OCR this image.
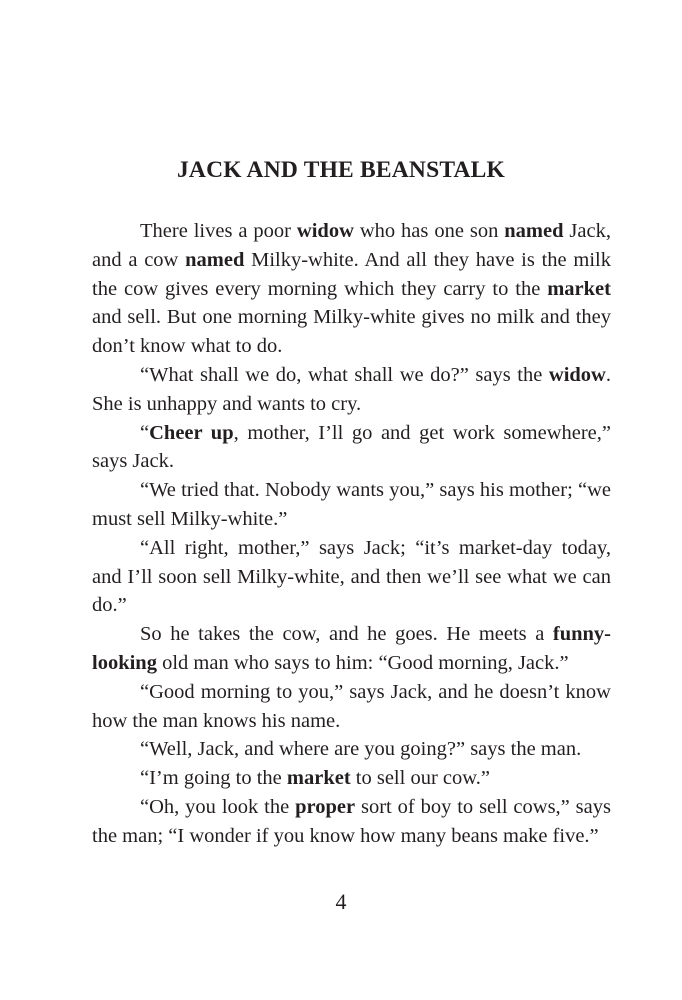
JACK AND THE BEANSTALK

There lives a poor widow who has one son named Jack, and a cow named Milky-white. And all they have is the milk the cow gives every morning which they carry to the market and sell. But one morning Milky-white gives no milk and they don’t know what to do.

“What shall we do, what shall we do?” says the widow. She is unhappy and wants to cry.

“Cheer up, mother, I’ll go and get work somewhere,” says Jack.

“We tried that. Nobody wants you,” says his mother; “we must sell Milky-white.”

“All right, mother,” says Jack; “it’s market-day today, and I’ll soon sell Milky-white, and then we’ll see what we can do.”

So he takes the cow, and he goes. He meets a funny-looking old man who says to him: “Good morning, Jack.”

“Good morning to you,” says Jack, and he doesn’t know how the man knows his name.

“Well, Jack, and where are you going?” says the man.

“I’m going to the market to sell our cow.”

“Oh, you look the proper sort of boy to sell cows,” says the man; “I wonder if you know how many beans make five.”

4
